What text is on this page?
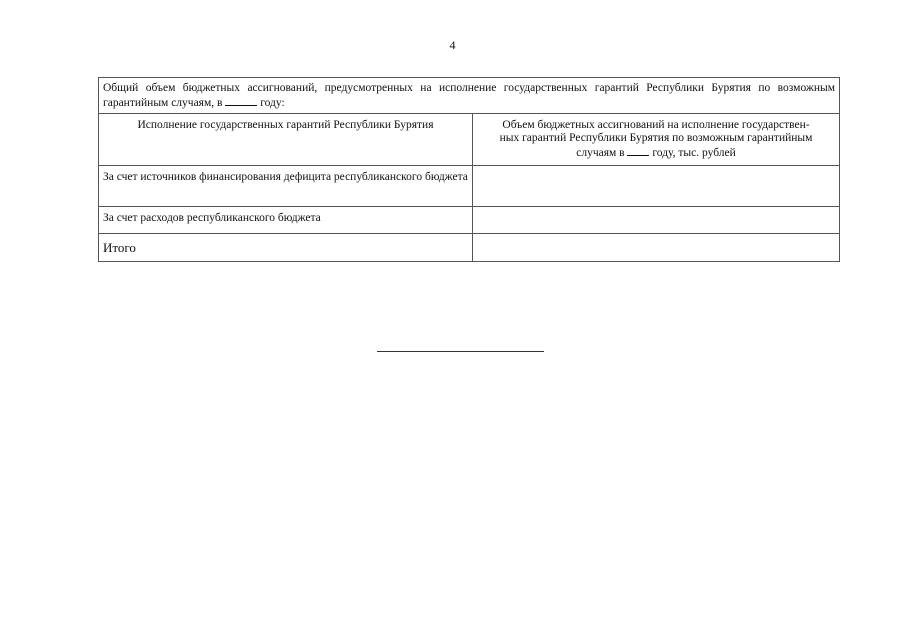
4
Общий объем бюджетных ассигнований, предусмотренных на исполнение государственных гарантий Республики Бурятия по возможным гарантийным случаям, в году:	
Исполнение государственных гарантий Республики Бурятия	Объем бюджетных ассигнований на исполнение государствен-
ных гарантий Республики Бурятия по возможным гарантийным
случаям в  году, тыс. рублей
За счет источников финансирования дефицита республиканского бюджета	
За счет расходов республиканского бюджета	
Итого	
